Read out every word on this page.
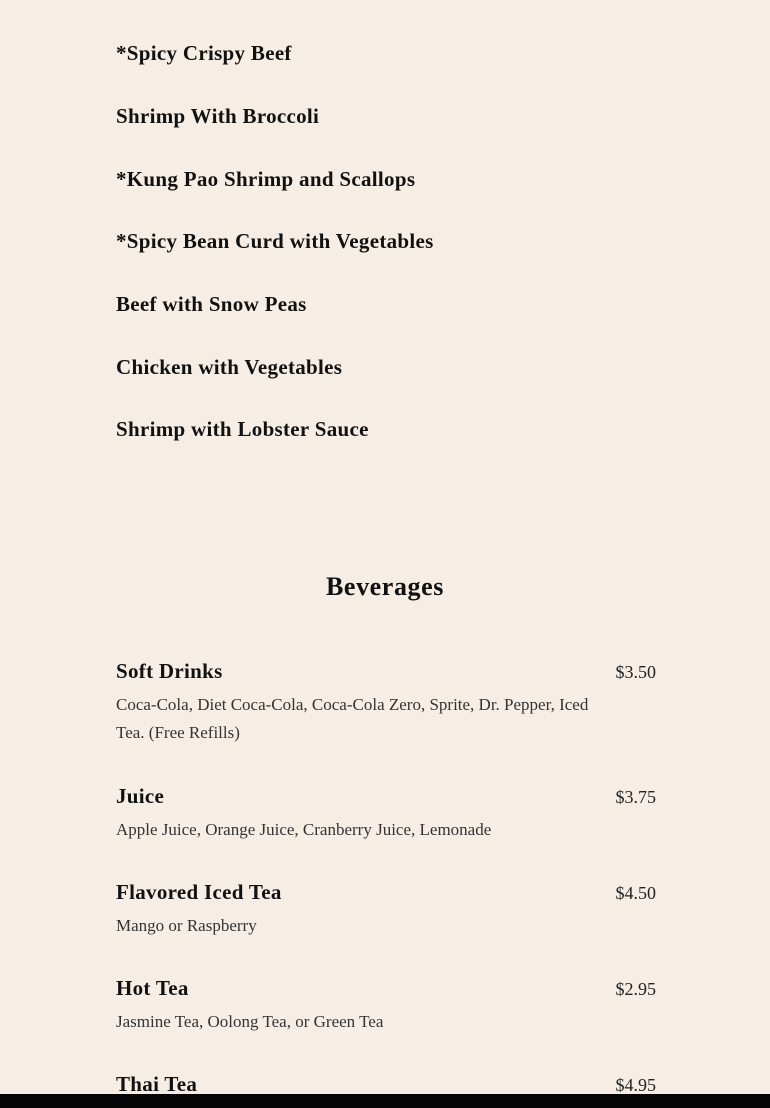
*Spicy Crispy Beef
Shrimp With Broccoli
*Kung Pao Shrimp and Scallops
*Spicy Bean Curd with Vegetables
Beef with Snow Peas
Chicken with Vegetables
Shrimp with Lobster Sauce
Beverages
Soft Drinks	$3.50
Coca-Cola, Diet Coca-Cola, Coca-Cola Zero, Sprite, Dr. Pepper, Iced Tea. (Free Refills)
Juice	$3.75
Apple Juice, Orange Juice, Cranberry Juice, Lemonade
Flavored Iced Tea	$4.50
Mango or Raspberry
Hot Tea	$2.95
Jasmine Tea, Oolong Tea, or Green Tea
Thai Tea	$4.95
